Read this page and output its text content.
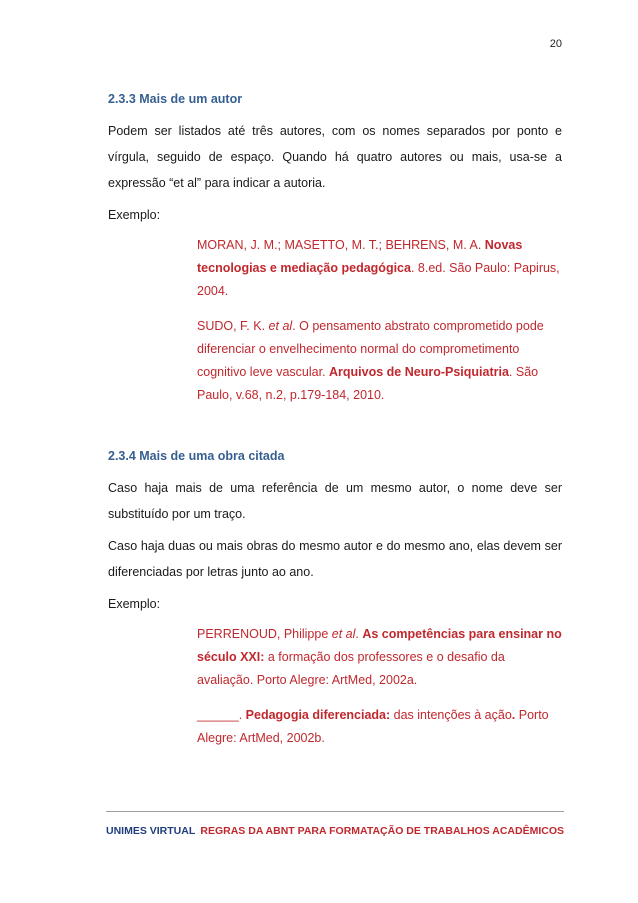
20
2.3.3 Mais de um autor

Podem ser listados até três autores, com os nomes separados por ponto e vírgula, seguido de espaço. Quando há quatro autores ou mais, usa-se a expressão “et al” para indicar a autoria.

Exemplo:

MORAN, J. M.; MASETTO, M. T.; BEHRENS, M. A. Novas tecnologias e mediação pedagógica. 8.ed. São Paulo: Papirus, 2004.
SUDO, F. K. et al. O pensamento abstrato comprometido pode diferenciar o envelhecimento normal do comprometimento cognitivo leve vascular. Arquivos de Neuro-Psiquiatria. São Paulo, v.68, n.2, p.179-184, 2010.
2.3.4 Mais de uma obra citada

Caso haja mais de uma referência de um mesmo autor, o nome deve ser substituído por um traço.

Caso haja duas ou mais obras do mesmo autor e do mesmo ano, elas devem ser diferenciadas por letras junto ao ano.

Exemplo:

PERRENOUD, Philippe et al. As competências para ensinar no século XXI: a formação dos professores e o desafio da avaliação. Porto Alegre: ArtMed, 2002a.
______. Pedagogia diferenciada: das intenções à ação. Porto Alegre: ArtMed, 2002b.
UNIMES VIRTUAL REGRAS DA ABNT PARA FORMATAÇÃO DE TRABALHOS ACADÊMICOS
